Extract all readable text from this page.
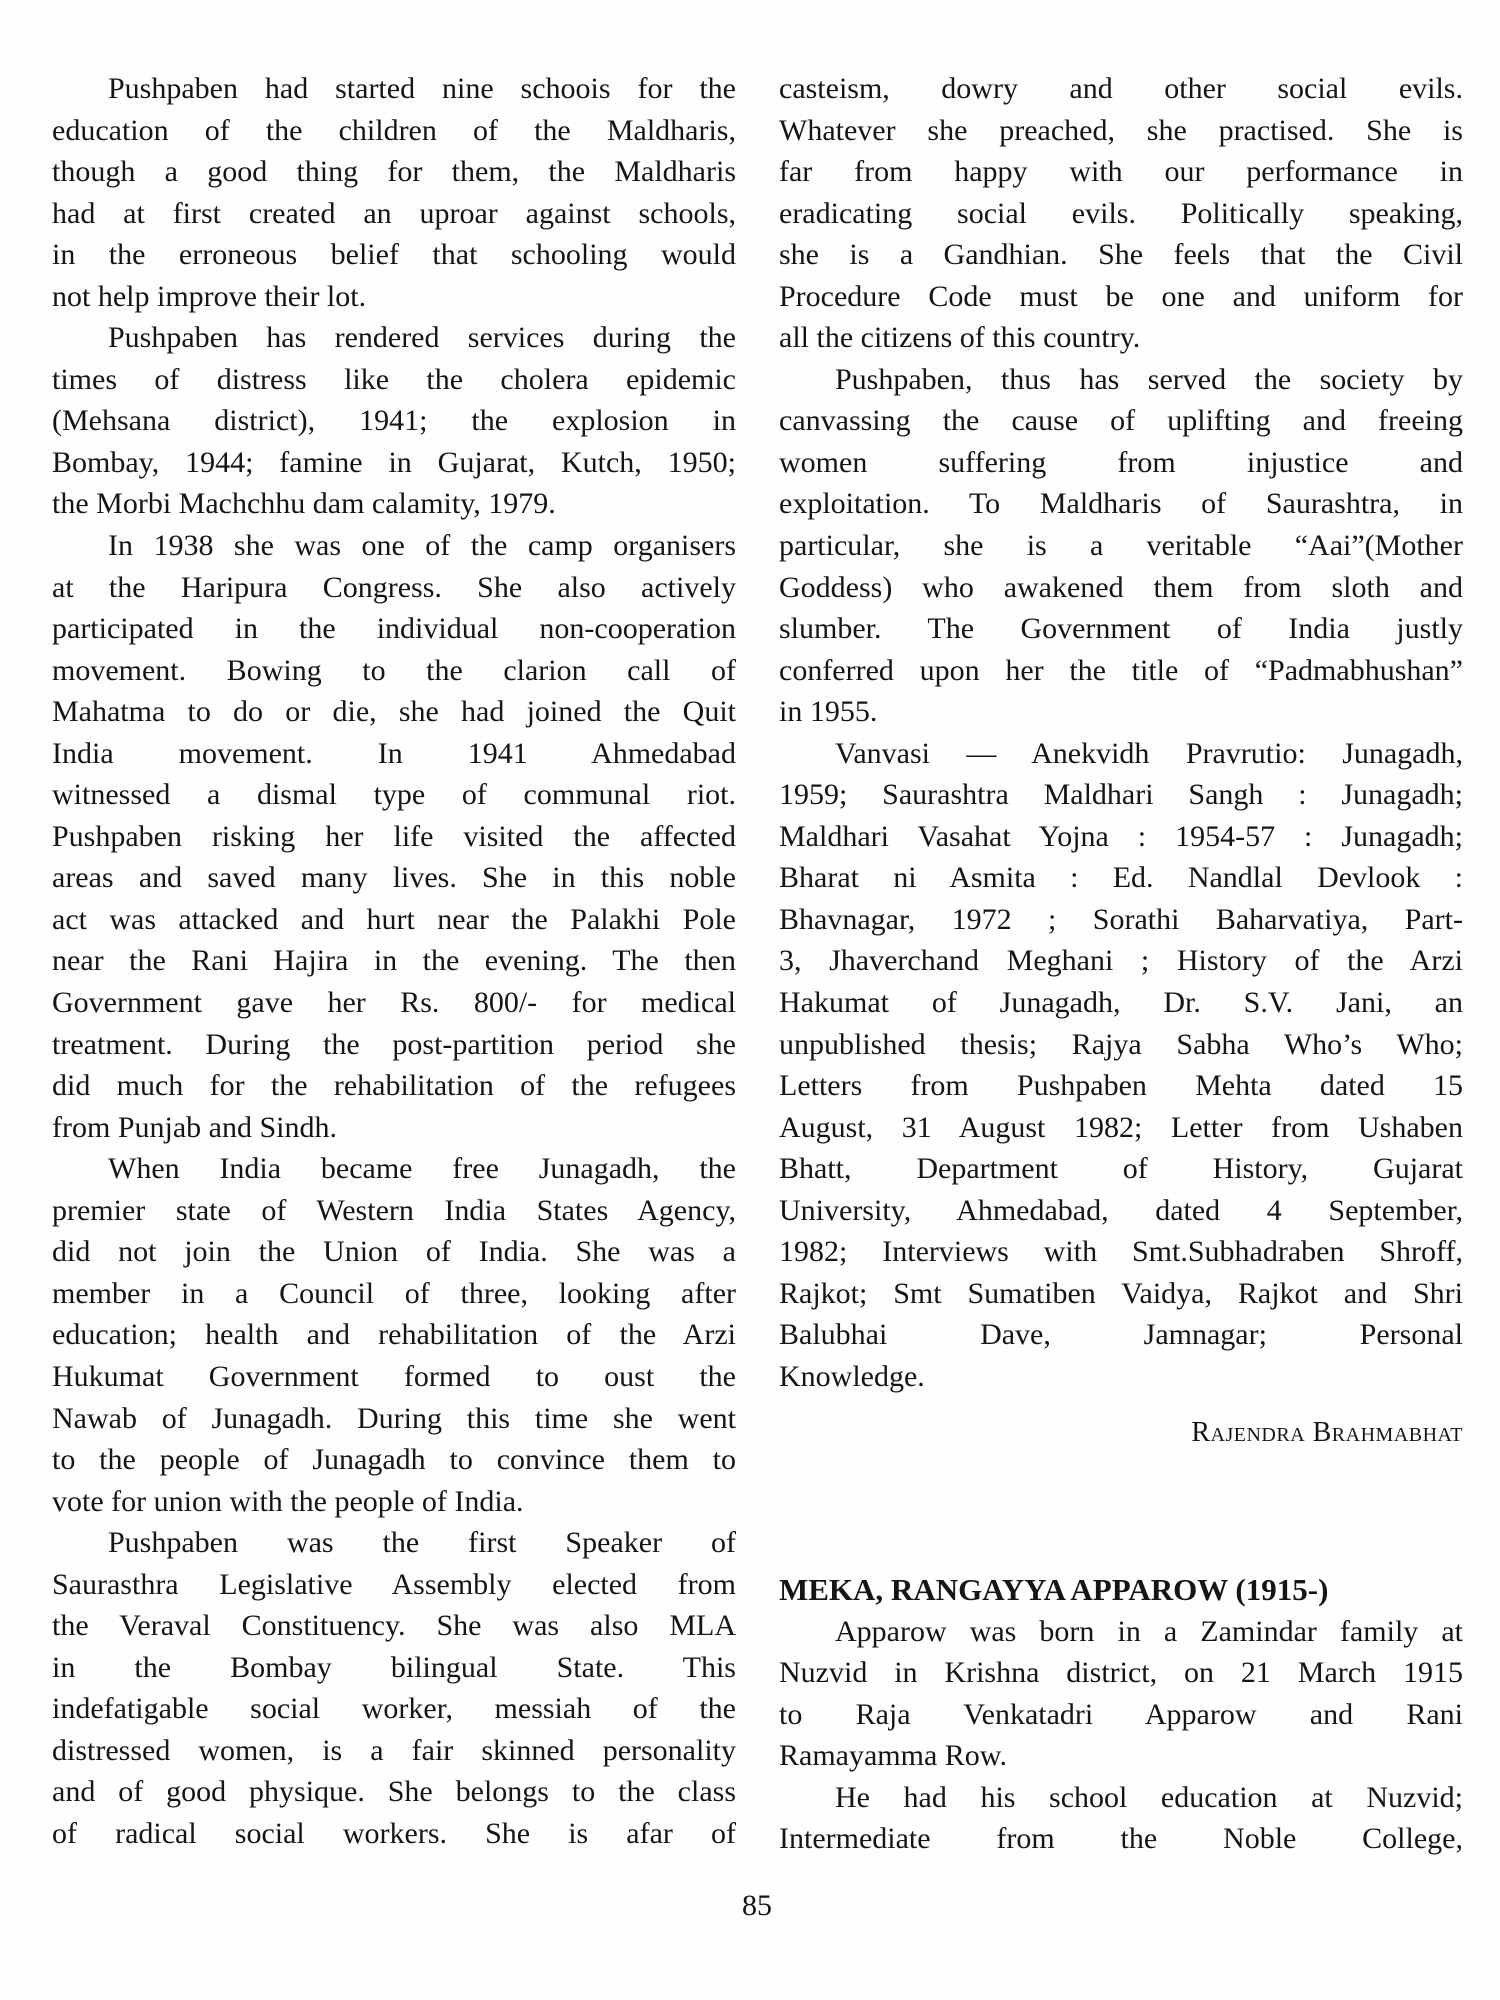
Pushpaben had started nine schoois for the
education of the children of the Maldharis,
though a good thing for them, the Maldharis
had at first created an uproar against schools,
in the erroneous belief that schooling would
not help improve their lot.
Pushpaben has rendered services during the
times of distress like the cholera epidemic
(Mehsana district), 1941; the explosion in
Bombay, 1944; famine in Gujarat, Kutch, 1950;
the Morbi Machchhu dam calamity, 1979.
In 1938 she was one of the camp organisers
at the Haripura Congress. She also actively
participated in the individual non-cooperation
movement. Bowing to the clarion call of
Mahatma to do or die, she had joined the Quit
India movement. In 1941 Ahmedabad
witnessed a dismal type of communal riot.
Pushpaben risking her life visited the affected
areas and saved many lives. She in this noble
act was attacked and hurt near the Palakhi Pole
near the Rani Hajira in the evening. The then
Government gave her Rs. 800/- for medical
treatment. During the post-partition period she
did much for the rehabilitation of the refugees
from Punjab and Sindh.
When India became free Junagadh, the
premier state of Western India States Agency,
did not join the Union of India. She was a
member in a Council of three, looking after
education; health and rehabilitation of the Arzi
Hukumat Government formed to oust the
Nawab of Junagadh. During this time she went
to the people of Junagadh to convince them to
vote for union with the people of India.
Pushpaben was the first Speaker of
Saurasthra Legislative Assembly elected from
the Veraval Constituency. She was also MLA
in the Bombay bilingual State. This
indefatigable social worker, messiah of the
distressed women, is a fair skinned personality
and of good physique. She belongs to the class
of radical social workers. She is afar of
casteism, dowry and other social evils.
Whatever she preached, she practised. She is
far from happy with our performance in
eradicating social evils. Politically speaking,
she is a Gandhian. She feels that the Civil
Procedure Code must be one and uniform for
all the citizens of this country.
Pushpaben, thus has served the society by
canvassing the cause of uplifting and freeing
women suffering from injustice and
exploitation. To Maldharis of Saurashtra, in
particular, she is a veritable “Aai”(Mother
Goddess) who awakened them from sloth and
slumber. The Government of India justly
conferred upon her the title of “Padmabhushan”
in 1955.
Vanvasi — Anekvidh Pravrutio: Junagadh,
1959; Saurashtra Maldhari Sangh : Junagadh;
Maldhari Vasahat Yojna : 1954-57 : Junagadh;
Bharat ni Asmita : Ed. Nandlal Devlook :
Bhavnagar, 1972 ; Sorathi Baharvatiya, Part-
3, Jhaverchand Meghani ; History of the Arzi
Hakumat of Junagadh, Dr. S.V. Jani, an
unpublished thesis; Rajya Sabha Who’s Who;
Letters from Pushpaben Mehta dated 15
August, 31 August 1982; Letter from Ushaben
Bhatt, Department of History, Gujarat
University, Ahmedabad, dated 4 September,
1982; Interviews with Smt.Subhadraben Shroff,
Rajkot; Smt Sumatiben Vaidya, Rajkot and Shri
Balubhai Dave, Jamnagar; Personal
Knowledge.
Rajendra Brahmabhat
MEKA, RANGAYYA APPAROW (1915-)
Apparow was born in a Zamindar family at
Nuzvid in Krishna district, on 21 March 1915
to Raja Venkatadri Apparow and Rani
Ramayamma Row.
He had his school education at Nuzvid;
Intermediate from the Noble College,
85
